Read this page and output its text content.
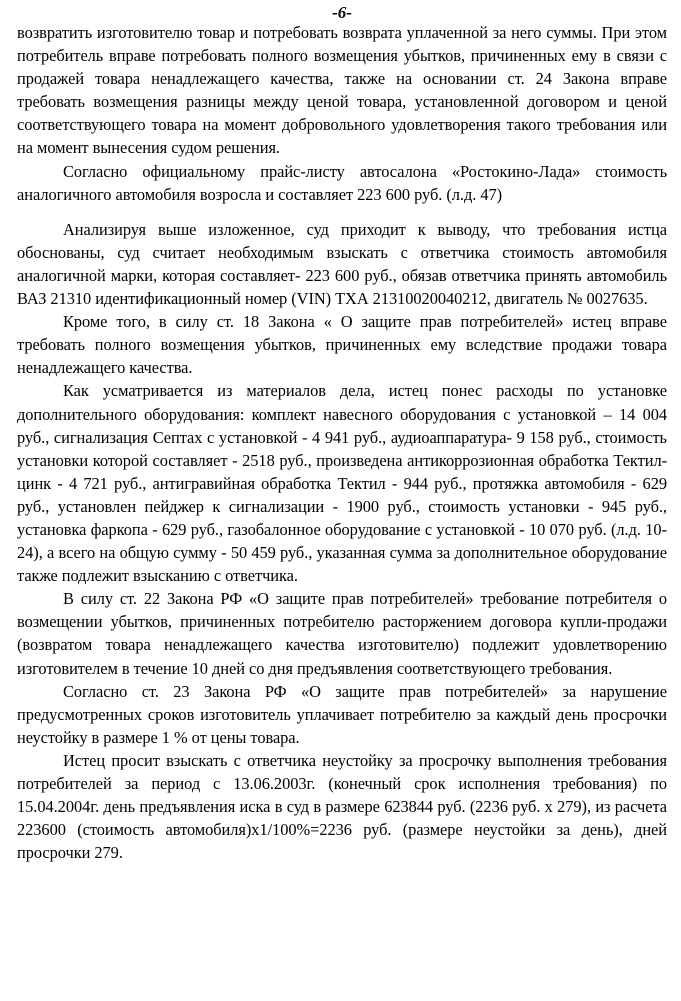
-6-

возвратить изготовителю товар и потребовать возврата уплаченной за него суммы. При этом потребитель вправе потребовать полного возмещения убытков, причиненных ему в связи с продажей товара ненадлежащего качества, также на основании ст. 24 Закона вправе требовать возмещения разницы между ценой товара, установленной договором и ценой соответствующего товара на момент добровольного удовлетворения такого требования или на момент вынесения судом решения.

Согласно официальному прайс-листу автосалона «Ростокино-Лада» стоимость аналогичного автомобиля возросла и составляет 223 600 руб. (л.д. 47)

Анализируя выше изложенное, суд приходит к выводу, что требования истца обоснованы, суд считает необходимым взыскать с ответчика стоимость автомобиля аналогичной марки, которая составляет- 223 600 руб., обязав ответчика принять автомобиль ВАЗ 21310 идентификационный номер (VIN) ТХА 21310020040212, двигатель № 0027635.

Кроме того, в силу ст. 18 Закона « О защите прав потребителей» истец вправе требовать полного возмещения убытков, причиненных ему вследствие продажи товара ненадлежащего качества.

Как усматривается из материалов дела, истец понес расходы по установке дополнительного оборудования: комплект навесного оборудования с установкой – 14 004 руб., сигнализация Септах с установкой - 4 941 руб., аудиоаппаратура- 9 158 руб., стоимость установки которой составляет - 2518 руб., произведена антикоррозионная обработка Тектил-цинк - 4 721 руб., антигравийная обработка Тектил - 944 руб., протяжка автомобиля - 629 руб., установлен пейджер к сигнализации - 1900 руб., стоимость установки - 945 руб., установка фаркопа - 629 руб., газобалонное оборудование с установкой - 10 070 руб. (л.д. 10-24), а всего на общую сумму - 50 459 руб., указанная сумма за дополнительное оборудование также подлежит взысканию с ответчика.

В силу ст. 22 Закона РФ «О защите прав потребителей» требование потребителя о возмещении убытков, причиненных потребителю расторжением договора купли-продажи (возвратом товара ненадлежащего качества изготовителю) подлежит удовлетворению изготовителем в течение 10 дней со дня предъявления соответствующего требования.

Согласно ст. 23 Закона РФ «О защите прав потребителей» за нарушение предусмотренных сроков изготовитель уплачивает потребителю за каждый день просрочки неустойку в размере 1 % от цены товара.

Истец просит взыскать с ответчика неустойку за просрочку выполнения требования потребителей за период с 13.06.2003г. (конечный срок исполнения требования) по 15.04.2004г. день предъявления иска в суд в размере 623844 руб. (2236 руб. х 279), из расчета 223600 (стоимость автомобиля)х1/100%=2236 руб. (размере неустойки за день), дней просрочки 279.
